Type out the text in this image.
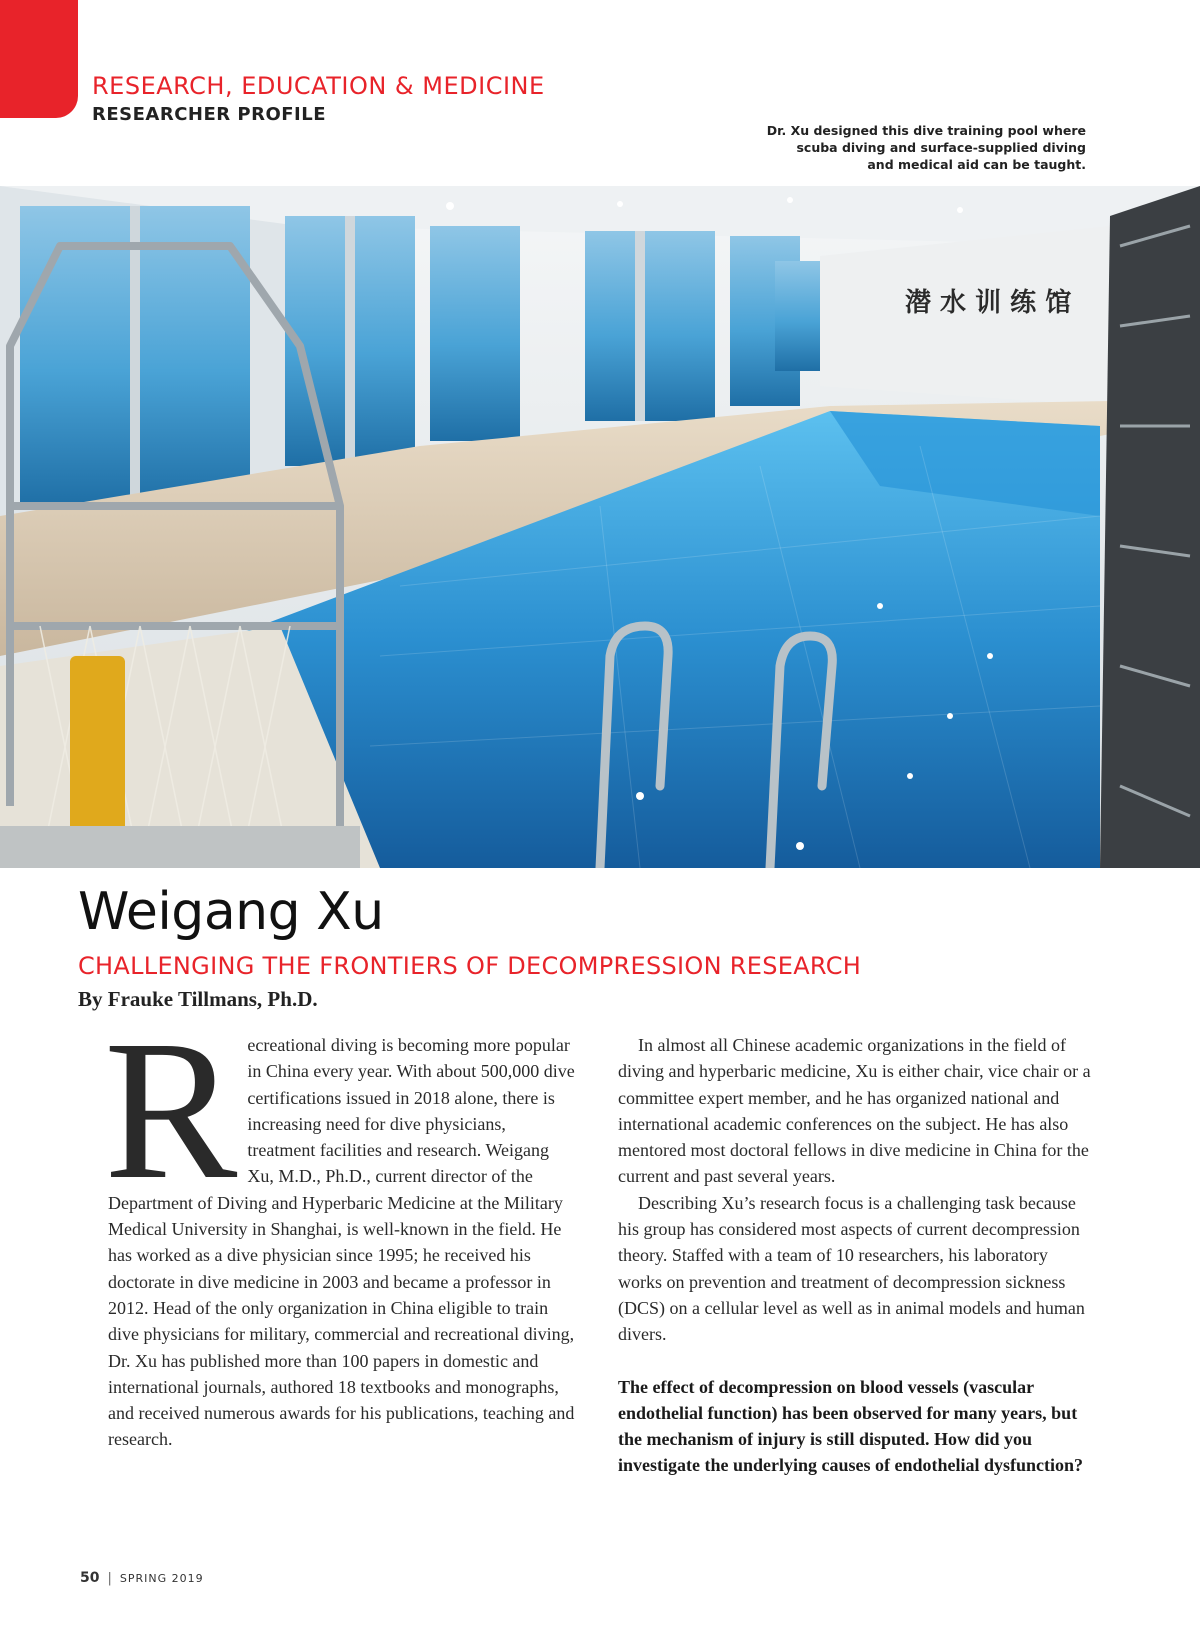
RESEARCH, EDUCATION & MEDICINE
RESEARCHER PROFILE
Dr. Xu designed this dive training pool where scuba diving and surface-supplied diving and medical aid can be taught.
潜 水 训 练 馆
Weigang Xu
CHALLENGING THE FRONTIERS OF DECOMPRESSION RESEARCH
By Frauke Tillmans, Ph.D.
R ecreational diving is becoming more popular in China every year. With about 500,000 dive certifications issued in 2018 alone, there is increasing need for dive physicians, treatment facilities and research. Weigang Xu, M.D., Ph.D., current director of the Department of Diving and Hyperbaric Medicine at the Military Medical University in Shanghai, is well-known in the field. He has worked as a dive physician since 1995; he received his doctorate in dive medicine in 2003 and became a professor in 2012. Head of the only organization in China eligible to train dive physicians for military, commercial and recreational diving, Dr. Xu has published more than 100 papers in domestic and international journals, authored 18 textbooks and monographs, and received numerous awards for his publications, teaching and research.

In almost all Chinese academic organizations in the field of diving and hyperbaric medicine, Xu is either chair, vice chair or a committee expert member, and he has organized national and international academic conferences on the subject. He has also mentored most doctoral fellows in dive medicine in China for the current and past several years.

Describing Xu’s research focus is a challenging task because his group has considered most aspects of current decompression theory. Staffed with a team of 10 researchers, his laboratory works on prevention and treatment of decompression sickness (DCS) on a cellular level as well as in animal models and human divers.

The effect of decompression on blood vessels (vascular endothelial function) has been observed for many years, but the mechanism of injury is still disputed. How did you investigate the underlying causes of endothelial dysfunction?

50 | SPRING 2019
